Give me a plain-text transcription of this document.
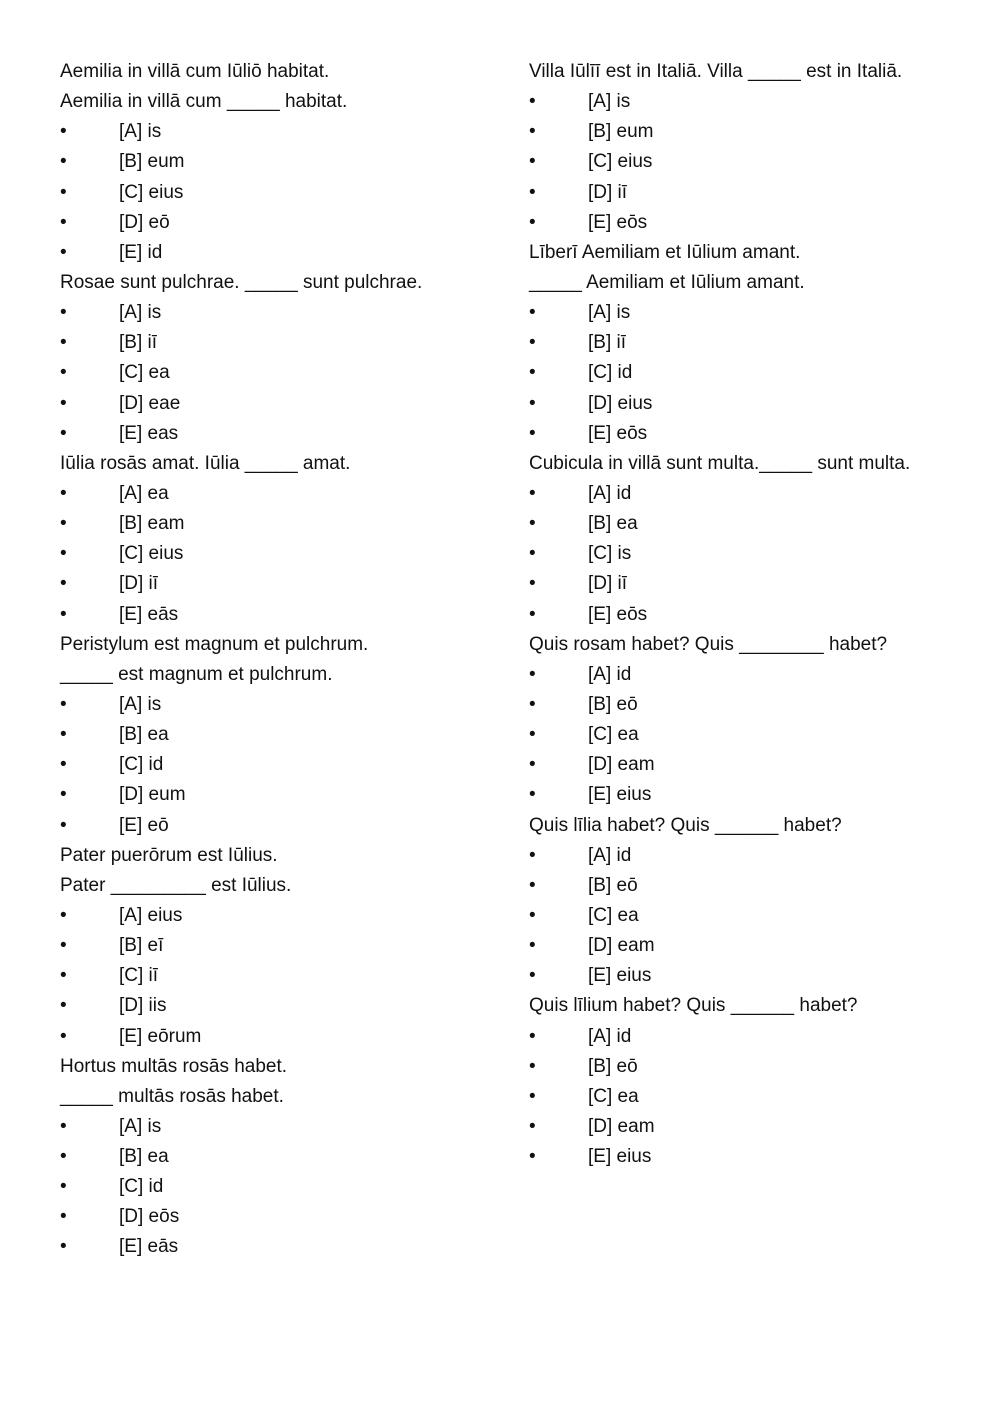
Aemilia in villā cum Iūliō habitat.
Aemilia in villā cum _____ habitat.
•	[A] is
•	[B] eum
•	[C] eius
•	[D] eō
•	[E] id
Rosae sunt pulchrae. _____ sunt pulchrae.
•	[A] is
•	[B] iī
•	[C] ea
•	[D] eae
•	[E] eas
Iūlia rosās amat. Iūlia _____ amat.
•	[A] ea
•	[B] eam
•	[C] eius
•	[D] iī
•	[E] eās
Peristylum est magnum et pulchrum.
_____ est magnum et pulchrum.
•	[A] is
•	[B] ea
•	[C] id
•	[D] eum
•	[E] eō
Pater puerōrum est Iūlius.
Pater _________ est Iūlius.
•	[A] eius
•	[B] eī
•	[C] iī
•	[D] iis
•	[E] eōrum
Hortus multās rosās habet.
_____ multās rosās habet.
•	[A] is
•	[B] ea
•	[C] id
•	[D] eōs
•	[E] eās
Villa Iūlīī est in Italiā. Villa _____ est in Italiā.
•	[A] is
•	[B] eum
•	[C] eius
•	[D] iī
•	[E] eōs
Līberī Aemiliam et Iūlium amant.
_____ Aemiliam et Iūlium amant.
•	[A] is
•	[B] iī
•	[C] id
•	[D] eius
•	[E] eōs
Cubicula in villā sunt multa._____ sunt multa.
•	[A] id
•	[B] ea
•	[C] is
•	[D] iī
•	[E] eōs
Quis rosam habet? Quis ________ habet?
•	[A] id
•	[B] eō
•	[C] ea
•	[D] eam
•	[E] eius
Quis līlia habet? Quis ______ habet?
•	[A] id
•	[B] eō
•	[C] ea
•	[D] eam
•	[E] eius
Quis līlium habet? Quis ______ habet?
•	[A] id
•	[B] eō
•	[C] ea
•	[D] eam
•	[E] eius
